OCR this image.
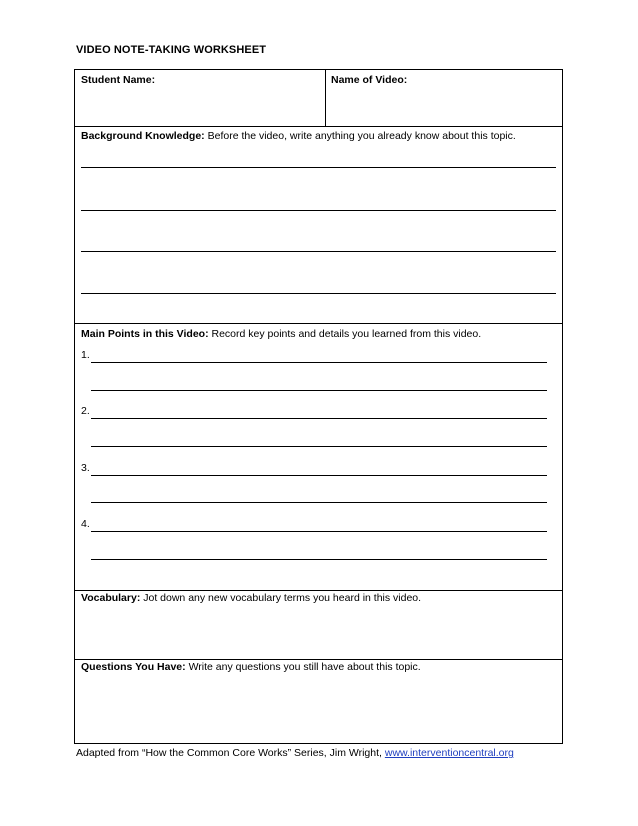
VIDEO NOTE-TAKING WORKSHEET
Student Name:	Name of Video:
Background Knowledge: Before the video, write anything you already know about this topic.
Main Points in this Video: Record key points and details you learned from this video.
1.
2.
3.
4.
Vocabulary: Jot down any new vocabulary terms you heard in this video.
Questions You Have: Write any questions you still have about this topic.
Adapted from “How the Common Core Works” Series, Jim Wright, www.interventioncentral.org
